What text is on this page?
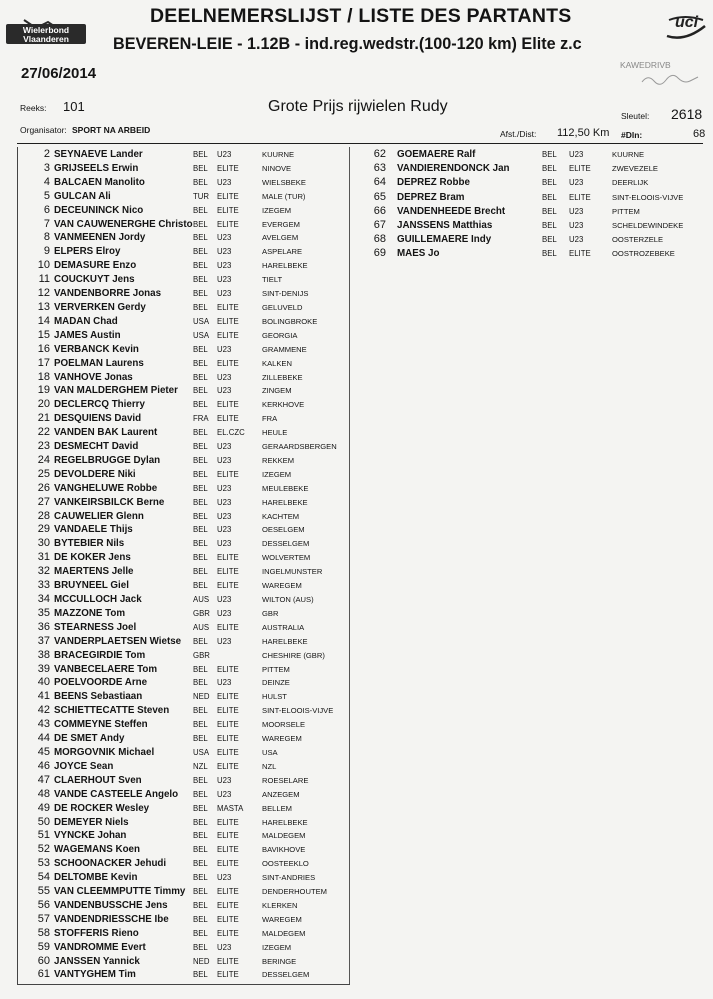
Wielerbond
Vlaanderen
DEELNEMERSLIJST / LISTE DES PARTANTS
BEVEREN-LEIE - 1.12B - ind.reg.wedstr.(100-120 km) Elite z.c
uci
27/06/2014	KAWEDRIVB
Reeks: 101	Grote Prijs rijwielen Rudy
Sleutel: 2618
Organisator: SPORT NA ARBEID	Afst./Dist: 112,50 Km #Dln:	68
2 SEYNAEVE Lander	BEL U23	KUURNE
3 GRIJSEELS Erwin	BEL ELITE	NINOVE
4 BALCAEN Manolito	BEL U23	WIELSBEKE
5 GULCAN Ali	TUR ELITE	MALE (TUR)
6 DECEUNINCK Nico	BEL ELITE	IZEGEM
7 VAN CAUWENERGHE Christo BEL ELITE	EVERGEM
8 VANMEENEN Jordy	BEL U23	AVELGEM
9 ELPERS Elroy	BEL U23	ASPELARE
10 DEMASURE Enzo	BEL U23	HARELBEKE
11 COUCKUYT Jens	BEL U23	TIELT
12 VANDENBORRE Jonas	BEL U23	SINT-DENIJS
13 VERVERKEN Gerdy	BEL ELITE	GELUVELD
14 MADAN Chad	USA ELITE	BOLINGBROKE
15 JAMES Austin	USA ELITE	GEORGIA
16 VERBANCK Kevin	BEL U23	GRAMMENE
17 POELMAN Laurens	BEL ELITE	KALKEN
18 VANHOVE Jonas	BEL U23	ZILLEBEKE
19 VAN MALDERGHEM Pieter	BEL U23	ZINGEM
20 DECLERCQ Thierry	BEL ELITE	KERKHOVE
21 DESQUIENS David	FRA ELITE	FRA
22 VANDEN BAK Laurent	BEL EL.CZC HEULE
23 DESMECHT David	BEL U23	GERAARDSBERGEN
24 REGELBRUGGE Dylan	BEL U23	REKKEM
25 DEVOLDERE Niki	BEL ELITE	IZEGEM
26 VANGHELUWE Robbe	BEL U23	MEULEBEKE
27 VANKEIRSBILCK Berne	BEL U23	HARELBEKE
28 CAUWELIER Glenn	BEL U23	KACHTEM
29 VANDAELE Thijs	BEL U23	OESELGEM
30 BYTEBIER Nils	BEL U23	DESSELGEM
31 DE KOKER Jens	BEL ELITE	WOLVERTEM
32 MAERTENS Jelle	BEL ELITE	INGELMUNSTER
33 BRUYNEEL Giel	BEL ELITE	WAREGEM
34 MCCULLOCH Jack	AUS U23	WILTON (AUS)
35 MAZZONE Tom	GBR U23	GBR
36 STEARNESS Joel	AUS ELITE	AUSTRALIA
37 VANDERPLAETSEN Wietse	BEL U23	HARELBEKE
38 BRACEGIRDIE Tom	GBR	CHESHIRE (GBR)
39 VANBECELAERE Tom	BEL ELITE	PITTEM
40 POELVOORDE Arne	BEL U23	DEINZE
41 BEENS Sebastiaan	NED ELITE	HULST
42 SCHIETTECATTE Steven	BEL ELITE	SINT-ELOOIS-VIJVE
43 COMMEYNE Steffen	BEL ELITE	MOORSELE
44 DE SMET Andy	BEL ELITE	WAREGEM
45 MORGOVNIK Michael	USA ELITE	USA
46 JOYCE Sean	NZL ELITE	NZL
47 CLAERHOUT Sven	BEL U23	ROESELARE
48 VANDE CASTEELE Angelo	BEL U23	ANZEGEM
49 DE ROCKER Wesley	BEL MASTA BELLEM
50 DEMEYER Niels	BEL ELITE	HARELBEKE
51 VYNCKE Johan	BEL ELITE	MALDEGEM
52 WAGEMANS Koen	BEL ELITE	BAVIKHOVE
53 SCHOONACKER Jehudi	BEL ELITE	OOSTEEKLO
54 DELTOMBE Kevin	BEL U23	SINT-ANDRIES
55 VAN CLEEMMPUTTE Timmy BEL ELITE	DENDERHOUTEM
56 VANDENBUSSCHE Jens	BEL ELITE	KLERKEN
57 VANDENDRIESSCHE Ibe	BEL ELITE	WAREGEM
58 STOFFERIS Rieno	BEL ELITE	MALDEGEM
59 VANDROMME Evert	BEL U23	IZEGEM
60 JANSSEN Yannick	NED ELITE	BERINGE
61 VANTYGHEM Tim	BEL ELITE	DESSELGEM
62 GOEMAERE Ralf	BEL U23	KUURNE
63 VANDIERENDONCK Jan	BEL ELITE	ZWEVEZELE
64 DEPREZ Robbe	BEL U23	DEERLIJK
65 DEPREZ Bram	BEL ELITE	SINT-ELOOIS-VIJVE
66 VANDENHEEDE Brecht	BEL U23	PITTEM
67 JANSSENS Matthias	BEL U23	SCHELDEWINDEKE
68 GUILLEMAERE Indy	BEL U23	OOSTERZELE
69 MAES Jo	BEL ELITE	OOSTROZEBEKE
